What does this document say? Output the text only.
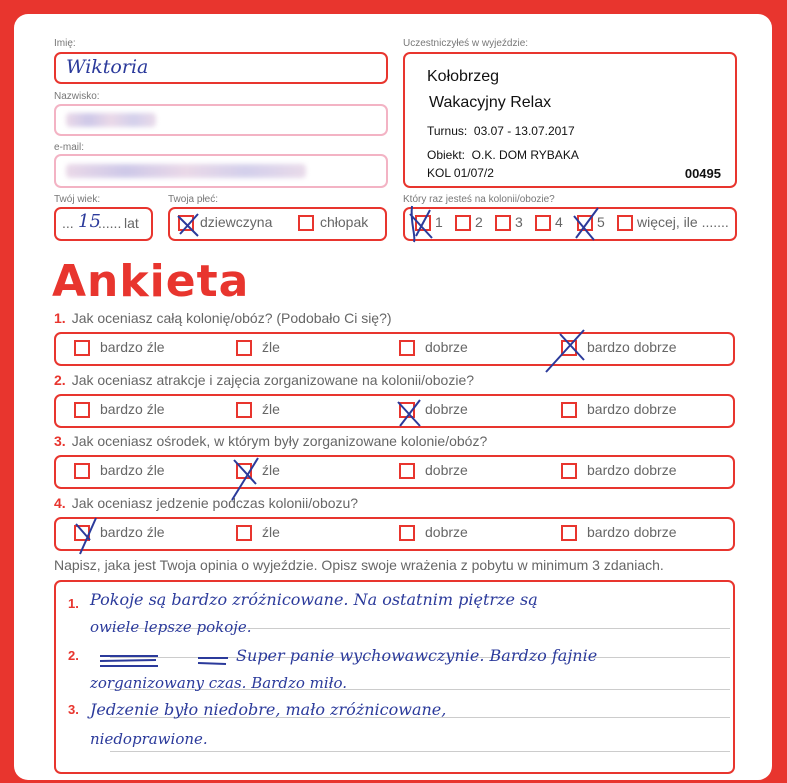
Imię:
Wiktoria
Nazwisko:
e-mail:
Twój wiek:
... 15
...... lat
Twoja płeć:
dziewczyna	chłopak
Uczestniczyłeś w wyjeździe:
Kołobrzeg
Wakacyjny Relax
Turnus:  03.07 - 13.07.2017
Obiekt:  O.K. DOM RYBAKA
KOL 01/07/2	00495
Który raz jesteś na kolonii/obozie?
1 2 3 4 5 więcej, ile .......
Ankieta
1. Jak oceniasz całą kolonię/obóz? (Podobało Ci się?)
bardzo źle	źle	dobrze	bardzo dobrze
2. Jak oceniasz atrakcje i zajęcia zorganizowane na kolonii/obozie?
bardzo źle	źle	dobrze	bardzo dobrze
3. Jak oceniasz ośrodek, w którym były zorganizowane kolonie/obóz?
bardzo źle	źle	dobrze	bardzo dobrze
4. Jak oceniasz jedzenie podczas kolonii/obozu?
bardzo źle	źle	dobrze	bardzo dobrze
Napisz, jaka jest Twoja opinia o wyjeździe. Opisz swoje wrażenia z pobytu w minimum 3 zdaniach.
1.
2.
3.
Pokoje są bardzo zróżnicowane. Na ostatnim piętrze są
owiele lepsze pokoje.
Super panie wychowawczynie. Bardzo fajnie
zorganizowany czas. Bardzo miło.
Jedzenie było niedobre, mało zróżnicowane,
niedoprawione.
